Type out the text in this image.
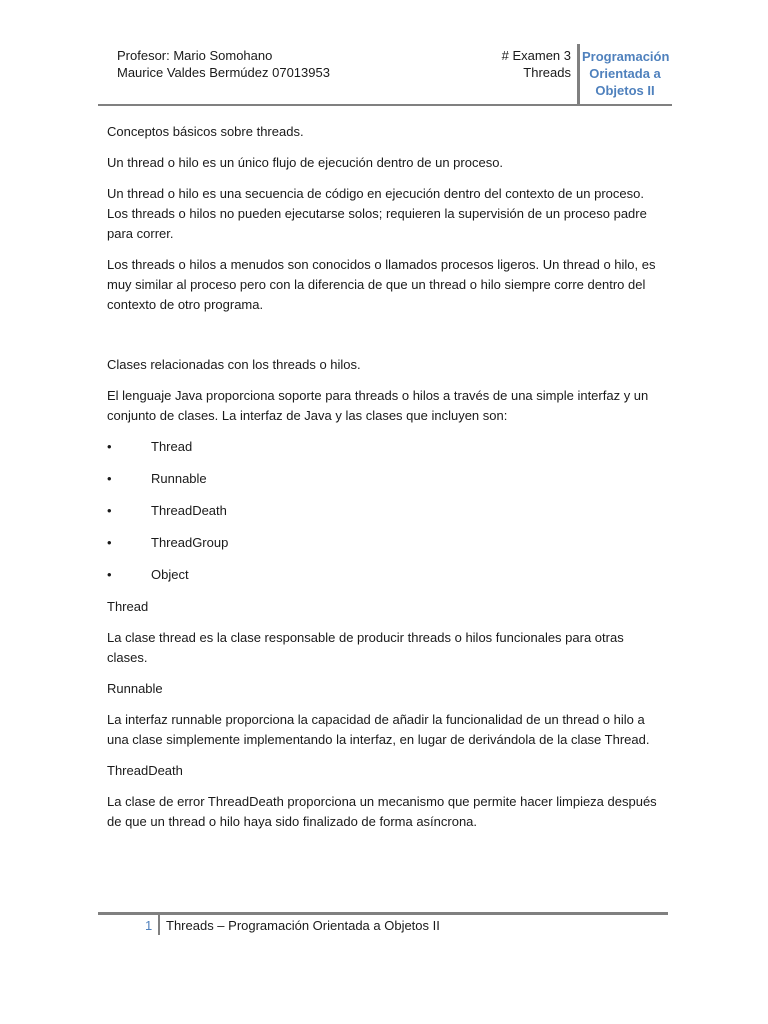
Profesor: Mario Somohano
Maurice Valdes Bermúdez 07013953
# Examen 3
Threads
Programación
Orientada a
Objetos II

Conceptos básicos sobre threads.

Un thread o hilo es un único flujo de ejecución dentro de un proceso.

Un thread o hilo es una secuencia de código en ejecución dentro del contexto de un proceso. Los threads o hilos no pueden ejecutarse solos; requieren la supervisión de un proceso padre para correr.

Los threads o hilos a menudos son conocidos o llamados procesos ligeros. Un thread o hilo, es muy similar al proceso pero con la diferencia de que un thread o hilo siempre corre dentro del contexto de otro programa.

Clases relacionadas con los threads o hilos.

El lenguaje Java proporciona soporte para threads o hilos a través de una simple interfaz y un conjunto de clases. La interfaz de Java y las clases que incluyen son:

•	Thread
•	Runnable
•	ThreadDeath
•	ThreadGroup
•	Object

Thread

La clase thread es la clase responsable de producir threads o hilos funcionales para otras clases.

Runnable

La interfaz runnable proporciona la capacidad de añadir la funcionalidad de un thread o hilo a una clase simplemente implementando la interfaz, en lugar de derivándola de la clase Thread.

ThreadDeath

La clase de error ThreadDeath proporciona un mecanismo que permite hacer limpieza después de que un thread o hilo haya sido finalizado de forma asíncrona.

1 Threads – Programación Orientada a Objetos II
